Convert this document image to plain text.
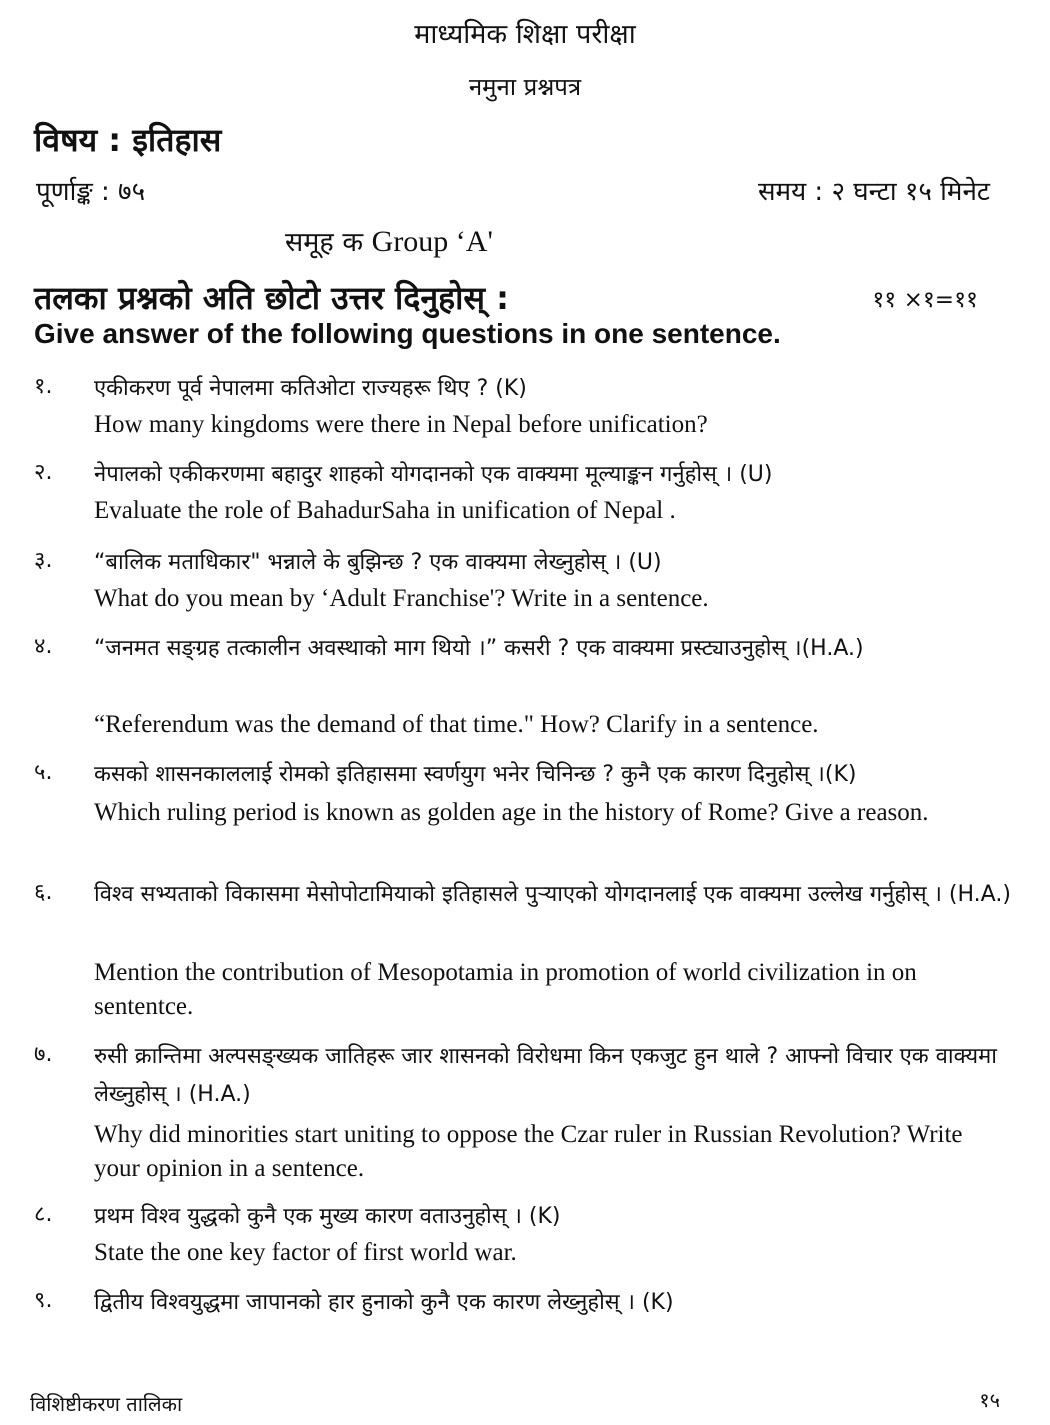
माध्यमिक शिक्षा परीक्षा
नमुना प्रश्नपत्र
विषय : इतिहास
पूर्णाङ्क : ७५	समय : २ घन्टा १५ मिनेट
समूह क Group ‘A'
तलका प्रश्नको अति छोटो उत्तर दिनुहोस् :	११ ×१=११
Give answer of the following questions in one sentence.
१. एकीकरण पूर्व नेपालमा कतिओटा राज्यहरू थिए ? (K)
How many kingdoms were there in Nepal before unification?
२. नेपालको एकीकरणमा बहादुर शाहको योगदानको एक वाक्यमा मूल्याङ्कन गर्नुहोस् । (U)
Evaluate the role of BahadurSaha in unification of Nepal .
३. “बालिक मताधिकार" भन्नाले के बुझिन्छ ? एक वाक्यमा लेख्नुहोस् । (U)
What do you mean by ‘Adult Franchise'? Write in a sentence.
४. “जनमत सङ्ग्रह तत्कालीन अवस्थाको माग थियो ।” कसरी ? एक वाक्यमा प्रस्ट्याउनुहोस् ।(H.A.)
“Referendum was the demand of that time." How? Clarify in a sentence.
५. कसको शासनकाललाई रोमको इतिहासमा स्वर्णयुग भनेर चिनिन्छ ? कुनै एक कारण दिनुहोस् ।(K)
Which ruling period is known as golden age in the history of Rome? Give a reason.
६. विश्व सभ्यताको विकासमा मेसोपोटामियाको इतिहासले पुऱ्याएको योगदानलाई एक वाक्यमा उल्लेख गर्नुहोस् । (H.A.)
Mention the contribution of Mesopotamia in promotion of world civilization in on sententce.
७. रुसी क्रान्तिमा अल्पसङ्ख्यक जातिहरू जार शासनको विरोधमा किन एकजुट हुन थाले ? आफ्नो विचार एक वाक्यमा लेख्नुहोस् । (H.A.)
Why did minorities start uniting to oppose the Czar ruler in Russian Revolution? Write your opinion in a sentence.
८. प्रथम विश्व युद्धको कुनै एक मुख्य कारण वताउनुहोस् । (K)
State the one key factor of first world war.
९. द्वितीय विश्वयुद्धमा जापानको हार हुनाको कुनै एक कारण लेख्नुहोस् । (K)
विशिष्टीकरण तालिका	१५
